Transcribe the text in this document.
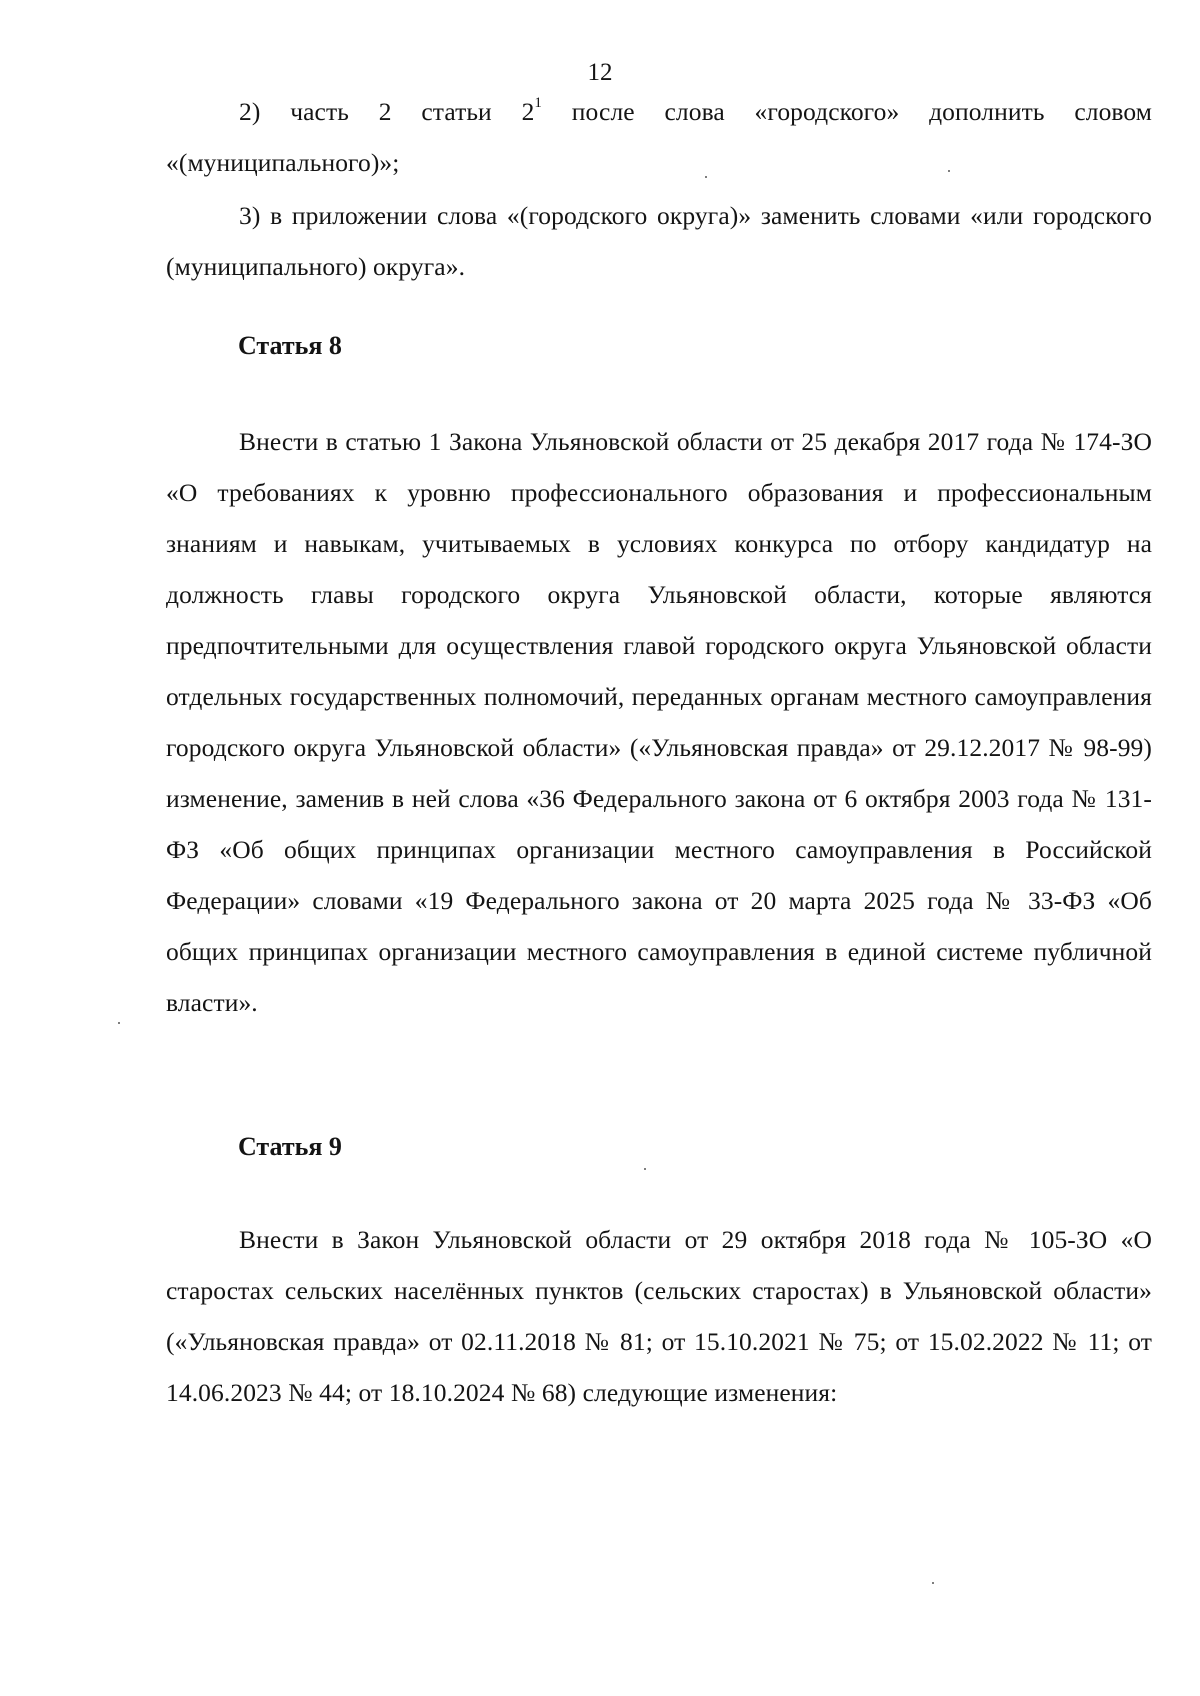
12

2) часть 2 статьи $2^1$ после слова «городского» дополнить словом «(муниципального)»;

3) в приложении слова «(городского округа)» заменить словами «или городского (муниципального) округа».

Статья 8

Внести в статью 1 Закона Ульяновской области от 25 декабря 2017 года № 174-ЗО «О требованиях к уровню профессионального образования и профессиональным знаниям и навыкам, учитываемых в условиях конкурса по отбору кандидатур на должность главы городского округа Ульяновской области, которые являются предпочтительными для осуществления главой городского округа Ульяновской области отдельных государственных полномочий, переданных органам местного самоуправления городского округа Ульяновской области» («Ульяновская правда» от 29.12.2017 № 98-99) изменение, заменив в ней слова «36 Федерального закона от 6 октября 2003 года № 131-ФЗ «Об общих принципах организации местного самоуправления в Российской Федерации» словами «19 Федерального закона от 20 марта 2025 года № 33-ФЗ «Об общих принципах организации местного самоуправления в единой системе публичной власти».

Статья 9

Внести в Закон Ульяновской области от 29 октября 2018 года № 105-ЗО «О старостах сельских населённых пунктов (сельских старостах) в Ульяновской области» («Ульяновская правда» от 02.11.2018 № 81; от 15.10.2021 № 75; от 15.02.2022 № 11; от 14.06.2023 № 44; от 18.10.2024 № 68) следующие изменения:
